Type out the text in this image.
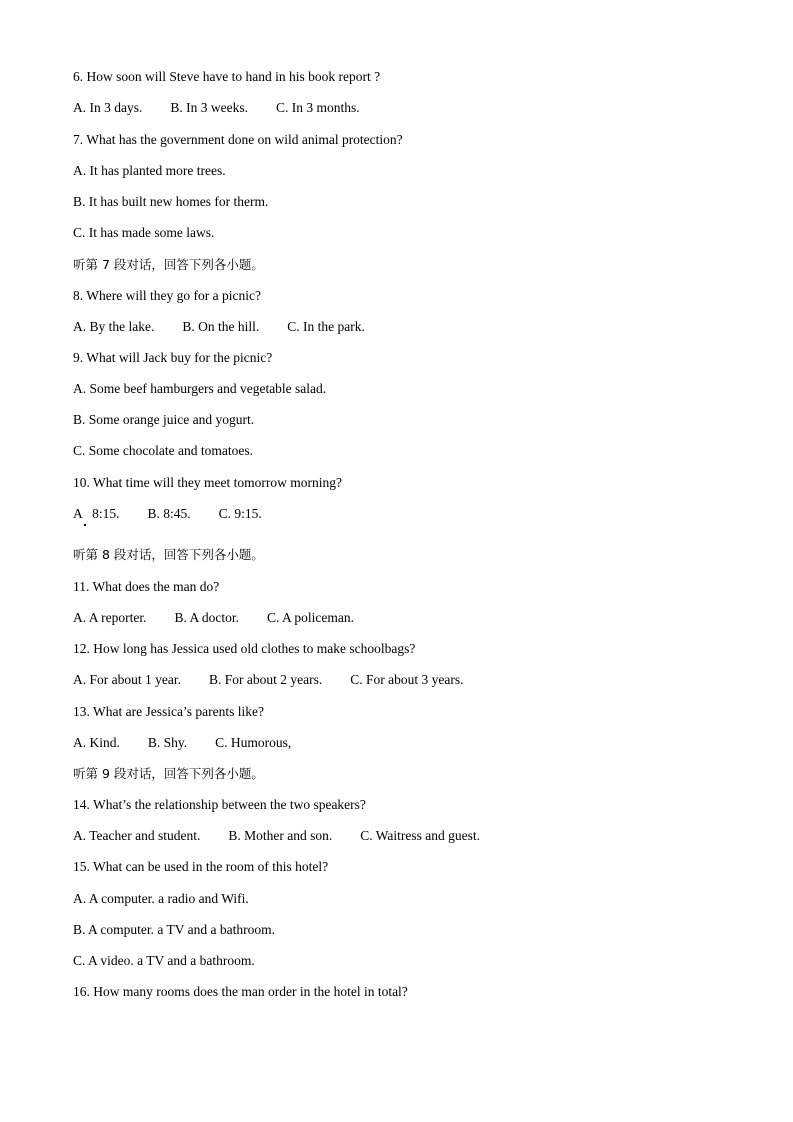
6. How soon will Steve have to hand in his book report ?
A. In 3 days. B. In 3 weeks. C. In 3 months.
7. What has the government done on wild animal protection?
A. It has planted more trees.
B. It has built new homes for therm.
C. It has made some laws.
听第 7 段对话，回答下列各小题。
8. Where will they go for a picnic?
A. By the lake. B. On the hill. C. In the park.
9. What will Jack buy for the picnic?
A. Some beef hamburgers and vegetable salad.
B. Some orange juice and yogurt.
C. Some chocolate and tomatoes.
10. What time will they meet tomorrow morning?
A   8:15. B. 8:45. C. 9:15.
听第 8 段对话，回答下列各小题。
11. What does the man do?
A. A reporter. B. A doctor. C. A policeman.
12. How long has Jessica used old clothes to make schoolbags?
A. For about 1 year. B. For about 2 years. C. For about 3 years.
13. What are Jessica’s parents like?
A. Kind. B. Shy. C. Humorous,
听第 9 段对话，回答下列各小题。
14. What’s the relationship between the two speakers?
A. Teacher and student. B. Mother and son. C. Waitress and guest.
15. What can be used in the room of this hotel?
A. A computer. a radio and Wifi.
B. A computer. a TV and a bathroom.
C. A video. a TV and a bathroom.
16. How many rooms does the man order in the hotel in total?
